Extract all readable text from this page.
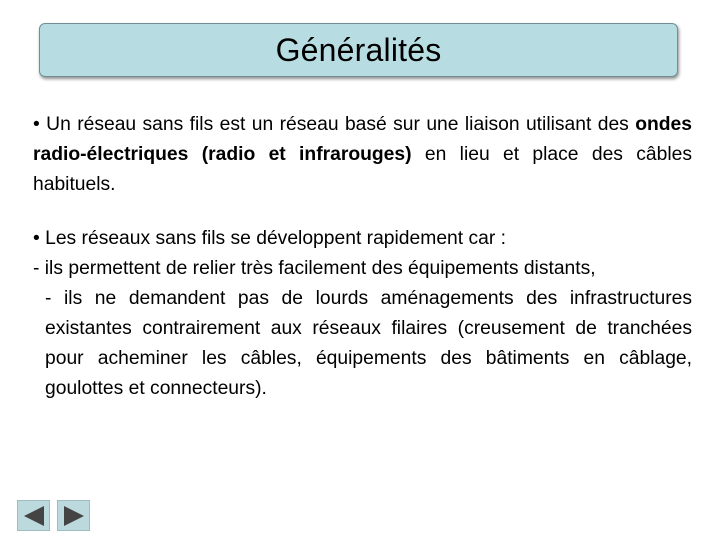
Généralités

• Un réseau sans fils est un réseau basé sur une liaison utilisant des ondes radio-électriques (radio et infrarouges) en lieu et place des câbles habituels.

• Les réseaux sans fils se développent rapidement car :

- ils permettent de relier très facilement des équipements distants,

- ils ne demandent pas de lourds aménagements des infrastructures existantes contrairement aux réseaux filaires (creusement de tranchées pour acheminer les câbles, équipements des bâtiments en câblage, goulottes et connecteurs).
